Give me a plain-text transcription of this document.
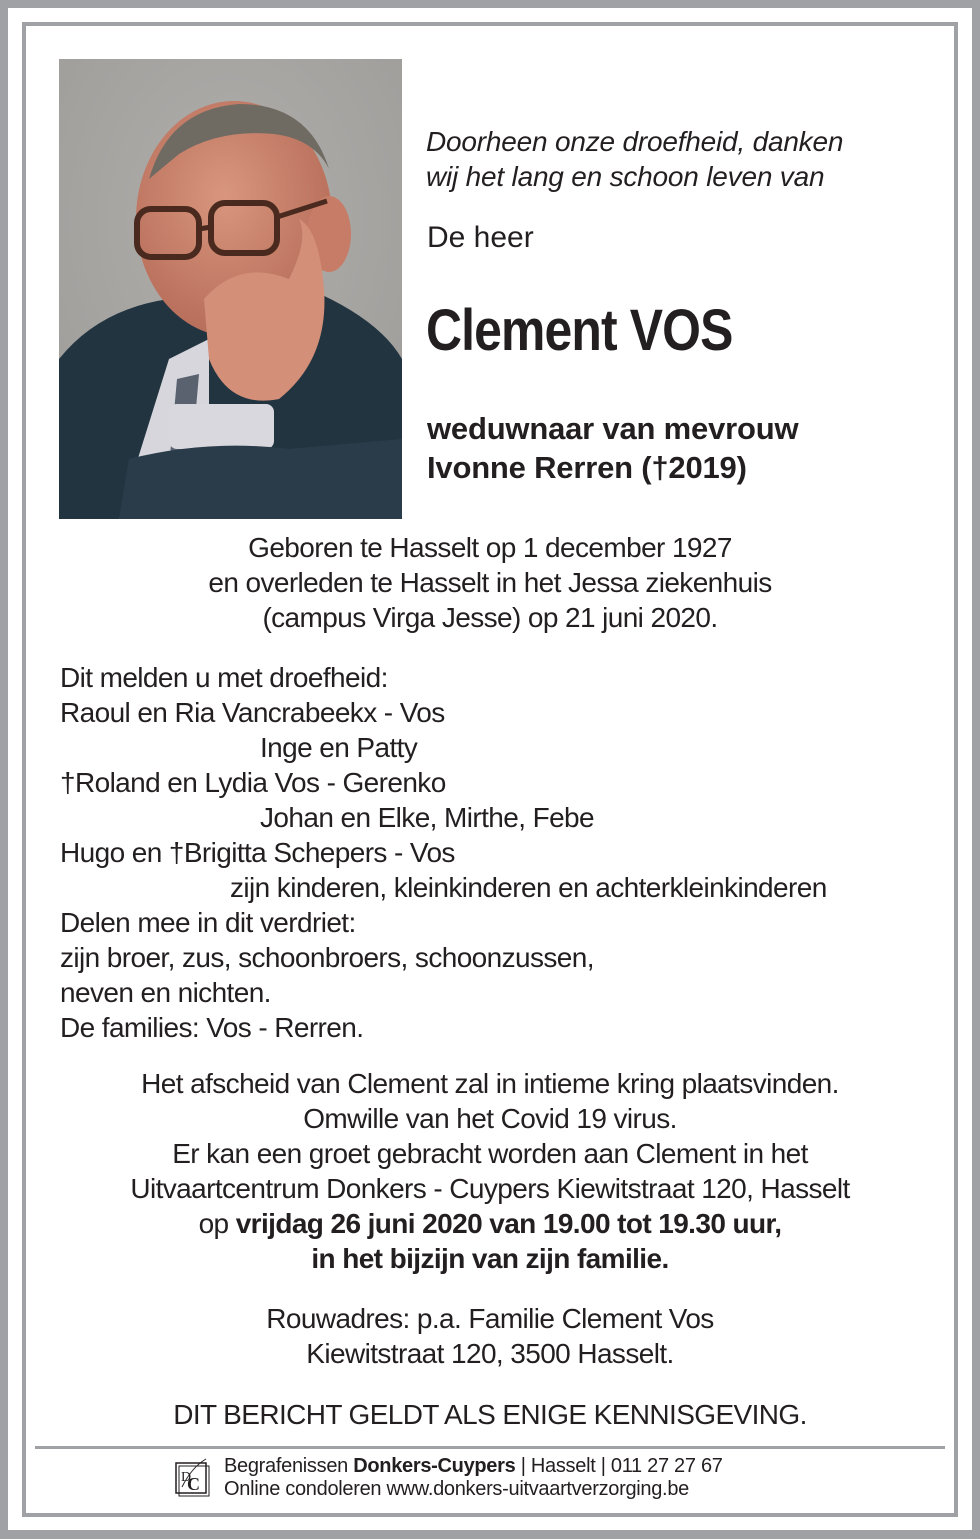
Doorheen onze droefheid, danken
wij het lang en schoon leven van
De heer
Clement VOS
weduwnaar van mevrouw
Ivonne Rerren (†2019)
Geboren te Hasselt op 1 december 1927
en overleden te Hasselt in het Jessa ziekenhuis
(campus Virga Jesse) op 21 juni 2020.
Dit melden u met droefheid:
Raoul en Ria Vancrabeekx - Vos
Inge en Patty
†Roland en Lydia Vos - Gerenko
Johan en Elke, Mirthe, Febe
Hugo en †Brigitta Schepers - Vos
zijn kinderen, kleinkinderen en achterkleinkinderen
Delen mee in dit verdriet:
zijn broer, zus, schoonbroers, schoonzussen,
neven en nichten.
De families: Vos - Rerren.
Het afscheid van Clement zal in intieme kring plaatsvinden.
Omwille van het Covid 19 virus.
Er kan een groet gebracht worden aan Clement in het
Uitvaartcentrum Donkers - Cuypers Kiewitstraat 120, Hasselt
op vrijdag 26 juni 2020 van 19.00 tot 19.30 uur,
in het bijzijn van zijn familie.
Rouwadres: p.a. Familie Clement Vos
Kiewitstraat 120, 3500 Hasselt.
DIT BERICHT GELDT ALS ENIGE KENNISGEVING.
D
C
Begrafenissen Donkers-Cuypers | Hasselt | 011 27 27 67
Online condoleren www.donkers-uitvaartverzorging.be
